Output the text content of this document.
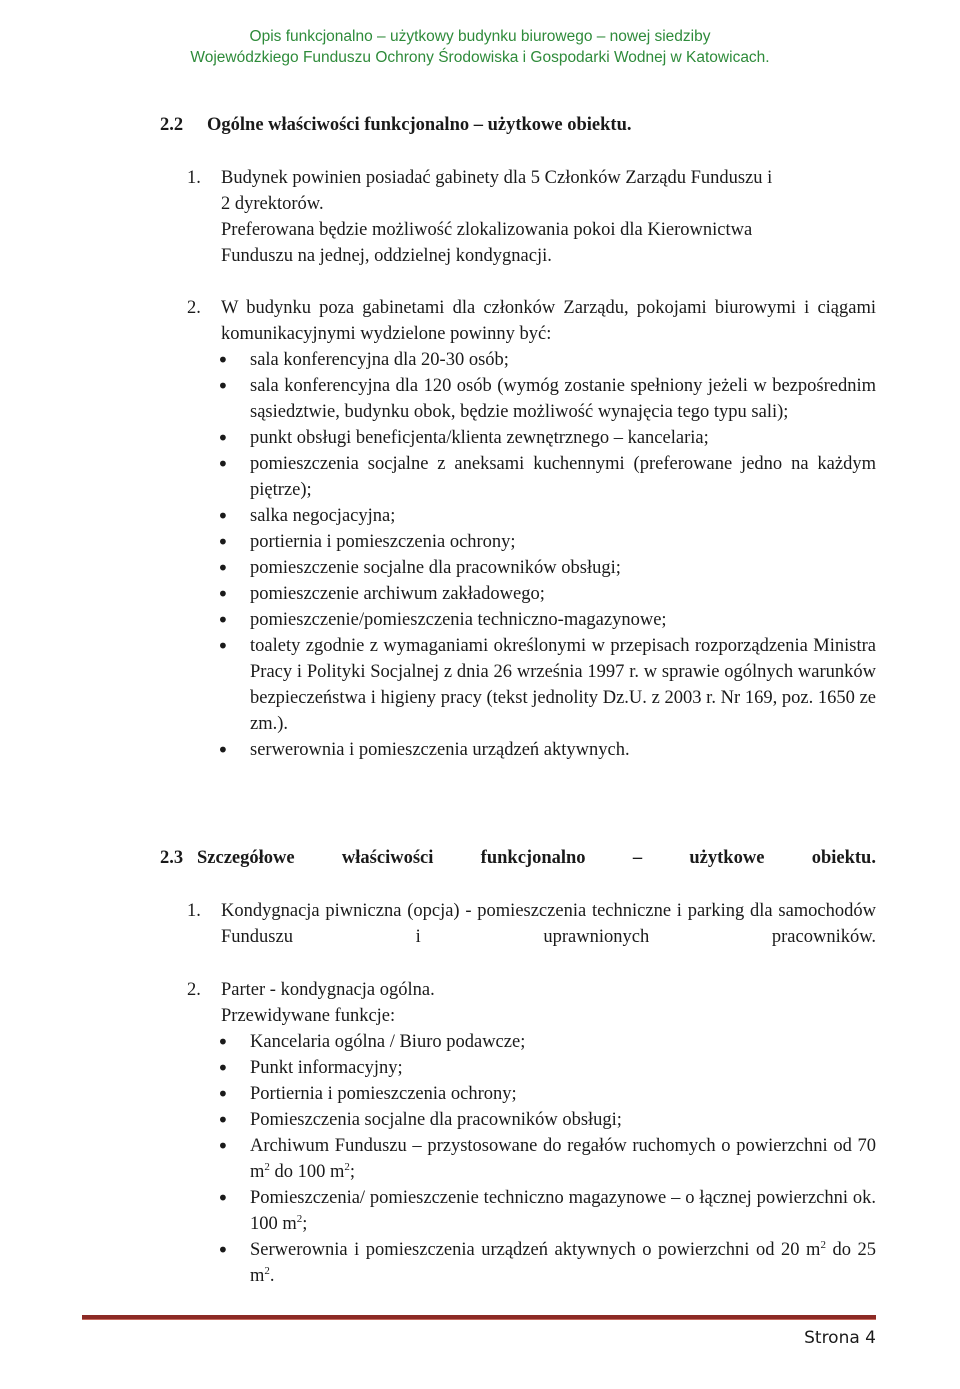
Opis funkcjonalno – użytkowy budynku biurowego – nowej siedziby
Wojewódzkiego Funduszu Ochrony Środowiska i Gospodarki Wodnej w Katowicach.
2.2 Ogólne właściwości funkcjonalno – użytkowe obiektu.
1. Budynek powinien posiadać gabinety dla 5 Członków Zarządu Funduszu i
2 dyrektorów.
Preferowana będzie możliwość zlokalizowania pokoi dla Kierownictwa
Funduszu na jednej, oddzielnej kondygnacji.
2. W budynku poza gabinetami dla członków Zarządu, pokojami biurowymi i ciągami komunikacyjnymi wydzielone powinny być:

• sala konferencyjna dla 20-30 osób;
• sala konferencyjna dla 120 osób (wymóg zostanie spełniony jeżeli w bezpośrednim sąsiedztwie, budynku obok, będzie możliwość wynajęcia tego typu sali);
• punkt obsługi beneficjenta/klienta zewnętrznego – kancelaria;
• pomieszczenia socjalne z aneksami kuchennymi (preferowane jedno na każdym piętrze);
• salka negocjacyjna;
• portiernia i pomieszczenia ochrony;
• pomieszczenie socjalne dla pracowników obsługi;
• pomieszczenie archiwum zakładowego;
• pomieszczenie/pomieszczenia techniczno-magazynowe;
• toalety zgodnie z wymaganiami określonymi w przepisach rozporządzenia Ministra Pracy i Polityki Socjalnej z dnia 26 września 1997 r. w sprawie ogólnych warunków bezpieczeństwa i higieny pracy (tekst jednolity Dz.U. z 2003 r. Nr 169, poz. 1650 ze zm.).
• serwerownia i pomieszczenia urządzeń aktywnych.
2.3 Szczegółowe	właściwości	funkcjonalno	–	użytkowe	obiektu.
1. Kondygnacja piwniczna (opcja) - pomieszczenia techniczne i parking dla samochodów Funduszu i uprawnionych pracowników.

2. Parter - kondygnacja ogólna.
Przewidywane funkcje:
• Kancelaria ogólna / Biuro podawcze;
• Punkt informacyjny;
• Portiernia i pomieszczenia ochrony;
• Pomieszczenia socjalne dla pracowników obsługi;
• Archiwum Funduszu – przystosowane do regałów ruchomych o powierzchni od 70 $m^2$ do 100 $m^2$;
• Pomieszczenia/ pomieszczenie techniczno magazynowe – o łącznej powierzchni ok. 100 $m^2$;
• Serwerownia i pomieszczenia urządzeń aktywnych o powierzchni od 20 $m^2$ do 25 $m^2$.
Strona 4
